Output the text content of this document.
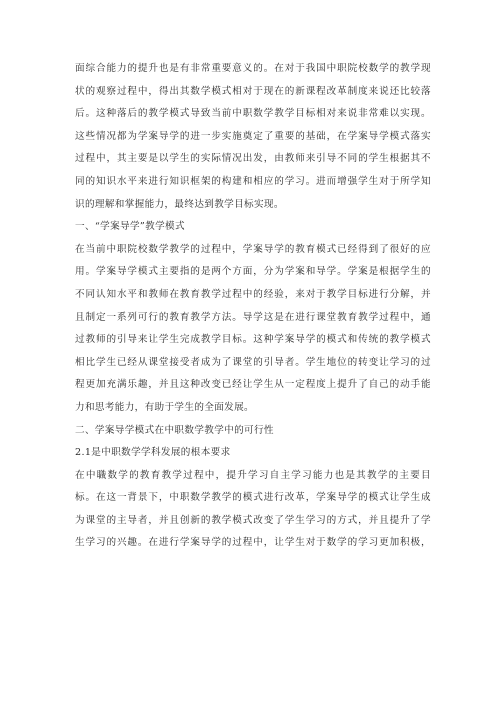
面综合能力的提升也是有非常重要意义的。在对于我国中职院校数学的教学现
状的观察过程中，得出其数学模式相对于现在的新课程改革制度来说还比较落
后。这种落后的教学模式导致当前中职数学教学目标相对来说非常难以实现。
这些情况都为学案导学的进一步实施奠定了重要的基础，在学案导学模式落实
过程中，其主要是以学生的实际情况出发，由教师来引导不同的学生根据其不
同的知识水平来进行知识框架的构建和相应的学习。进而增强学生对于所学知
识的理解和掌握能力，最终达到教学目标实现。
一、“学案导学”教学模式
在当前中职院校数学教学的过程中，学案导学的教育模式已经得到了很好的应
用。学案导学模式主要指的是两个方面，分为学案和导学。学案是根据学生的
不同认知水平和教师在教育教学过程中的经验，来对于教学目标进行分解，并
且制定一系列可行的教育教学方法。导学这是在进行课堂教育教学过程中，通
过教师的引导来让学生完成教学目标。这种学案导学的模式和传统的教学模式
相比学生已经从课堂接受者成为了课堂的引导者。学生地位的转变让学习的过
程更加充满乐趣，并且这种改变已经让学生从一定程度上提升了自己的动手能
力和思考能力，有助于学生的全面发展。
二、学案导学模式在中职数学教学中的可行性
2.1是中职数学学科发展的根本要求
在中職数学的教育教学过程中，提升学习自主学习能力也是其教学的主要目
标。在这一背景下，中职数学教学的模式进行改革，学案导学的模式让学生成
为课堂的主导者，并且创新的教学模式改变了学生学习的方式，并且提升了学
生学习的兴趣。在进行学案导学的过程中，让学生对于数学的学习更加积极，
